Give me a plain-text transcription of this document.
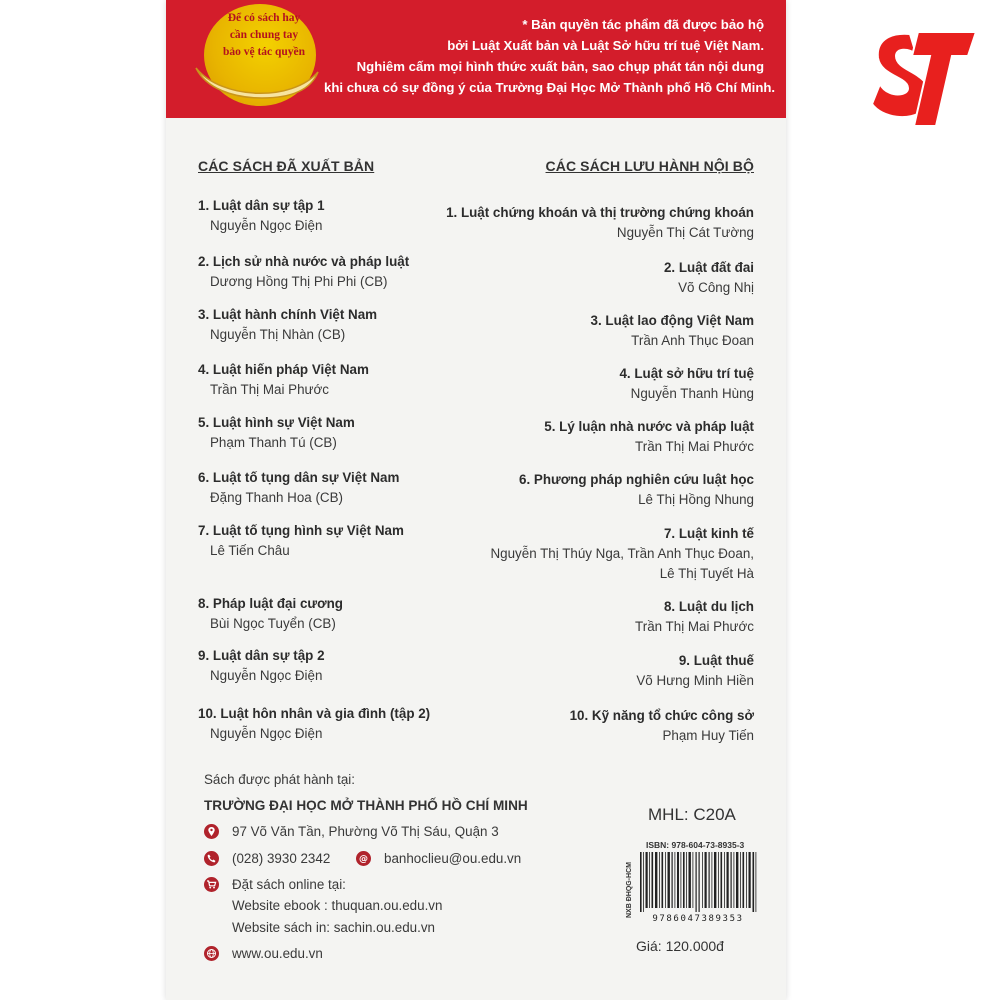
Để có sách hay
cần chung tay
bảo vệ tác quyền
* Bản quyền tác phẩm đã được bảo hộ
bởi Luật Xuất bản và Luật Sở hữu trí tuệ Việt Nam.
Nghiêm cấm mọi hình thức xuất bản, sao chụp phát tán nội dung
khi chưa có sự đồng ý của Trường Đại Học Mở Thành phố Hồ Chí Minh.
CÁC SÁCH ĐÃ XUẤT BẢN	CÁC SÁCH LƯU HÀNH NỘI BỘ
1. Luật dân sự tập 1
Nguyễn Ngọc Điện
2. Lịch sử nhà nước và pháp luật
Dương Hồng Thị Phi Phi (CB)
3. Luật hành chính Việt Nam
Nguyễn Thị Nhàn (CB)
4. Luật hiến pháp Việt Nam
Trần Thị Mai Phước
5. Luật hình sự Việt Nam
Phạm Thanh Tú (CB)
6. Luật tố tụng dân sự Việt Nam
Đặng Thanh Hoa (CB)
7. Luật tố tụng hình sự Việt Nam
Lê Tiến Châu
8. Pháp luật đại cương
Bùi Ngọc Tuyển (CB)
9. Luật dân sự tập 2
Nguyễn Ngọc Điện
10. Luật hôn nhân và gia đình (tập 2)
Nguyễn Ngọc Điện
1. Luật chứng khoán và thị trường chứng khoán
Nguyễn Thị Cát Tường
2. Luật đất đai
Võ Công Nhị
3. Luật lao động Việt Nam
Trần Anh Thục Đoan
4. Luật sở hữu trí tuệ
Nguyễn Thanh Hùng
5. Lý luận nhà nước và pháp luật
Trần Thị Mai Phước
6. Phương pháp nghiên cứu luật học
Lê Thị Hồng Nhung
7. Luật kinh tế
Nguyễn Thị Thúy Nga, Trần Anh Thục Đoan,
Lê Thị Tuyết Hà
8. Luật du lịch
Trần Thị Mai Phước
9. Luật thuế
Võ Hưng Minh Hiền
10. Kỹ năng tổ chức công sở
Phạm Huy Tiến
Sách được phát hành tại:
TRƯỜNG ĐẠI HỌC MỞ THÀNH PHỐ HỒ CHÍ MINH
97 Võ Văn Tần, Phường Võ Thị Sáu, Quận 3
(028) 3930 2342	@ banhoclieu@ou.edu.vn
Đặt sách online tại:
Website ebook : thuquan.ou.edu.vn
Website sách in: sachin.ou.edu.vn
www.ou.edu.vn
MHL: C20A
ISBN: 978-604-73-8935-3
9786047389353
NXB ĐHQG-HCM
Giá: 120.000đ
